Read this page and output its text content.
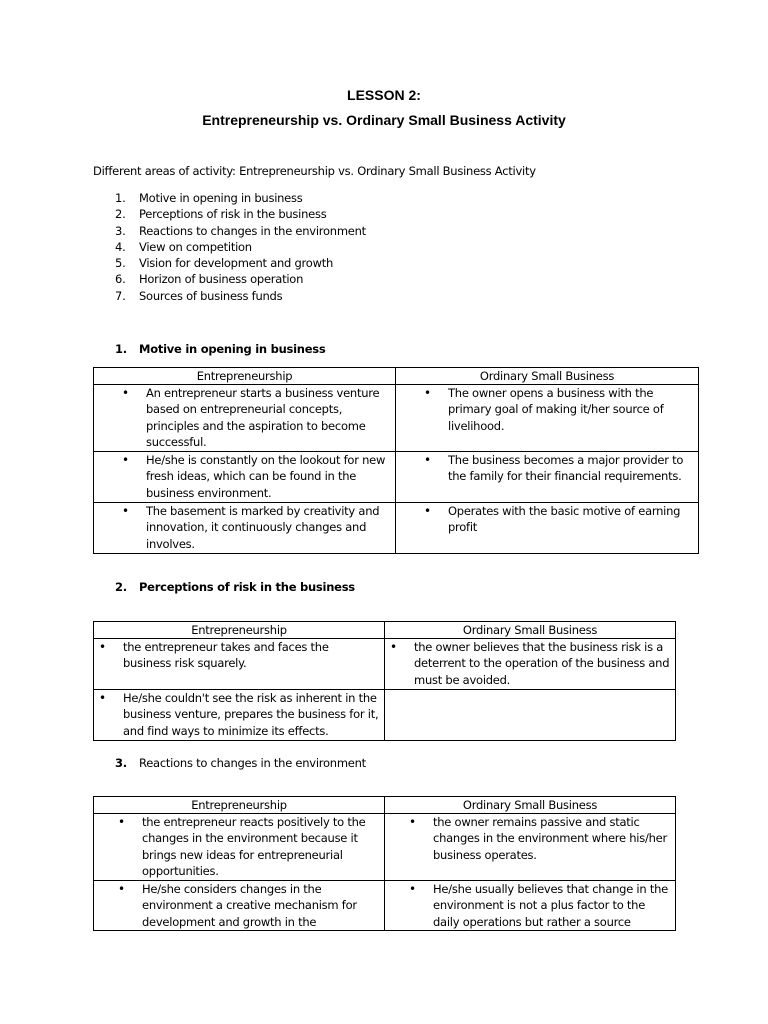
LESSON 2:
Entrepreneurship vs. Ordinary Small Business Activity
Different areas of activity: Entrepreneurship vs. Ordinary Small Business Activity
1. Motive in opening in business
2. Perceptions of risk in the business
3. Reactions to changes in the environment
4. View on competition
5. Vision for development and growth
6. Horizon of business operation
7. Sources of business funds
1. Motive in opening in business
Entrepreneurship	Ordinary Small Business

• An entrepreneur starts a business venture based on entrepreneurial concepts, principles and the aspiration to become successful.	• The owner opens a business with the primary goal of making it/her source of livelihood.

• He/she is constantly on the lookout for new fresh ideas, which can be found in the business environment.	• The business becomes a major provider to the family for their financial requirements.

• The basement is marked by creativity and innovation, it continuously changes and involves.	• Operates with the basic motive of earning profit
2. Perceptions of risk in the business
Entrepreneurship	Ordinary Small Business

• the entrepreneur takes and faces the business risk squarely.	• the owner believes that the business risk is a deterrent to the operation of the business and must be avoided.

• He/she couldn't see the risk as inherent in the business venture, prepares the business for it, and find ways to minimize its effects.	

3. Reactions to changes in the environment
Entrepreneurship	Ordinary Small Business

• the entrepreneur reacts positively to the changes in the environment because it brings new ideas for entrepreneurial opportunities.	• the owner remains passive and static changes in the environment where his/her business operates.

• He/she considers changes in the environment a creative mechanism for development and growth in the	• He/she usually believes that change in the environment is not a plus factor to the daily operations but rather a source
